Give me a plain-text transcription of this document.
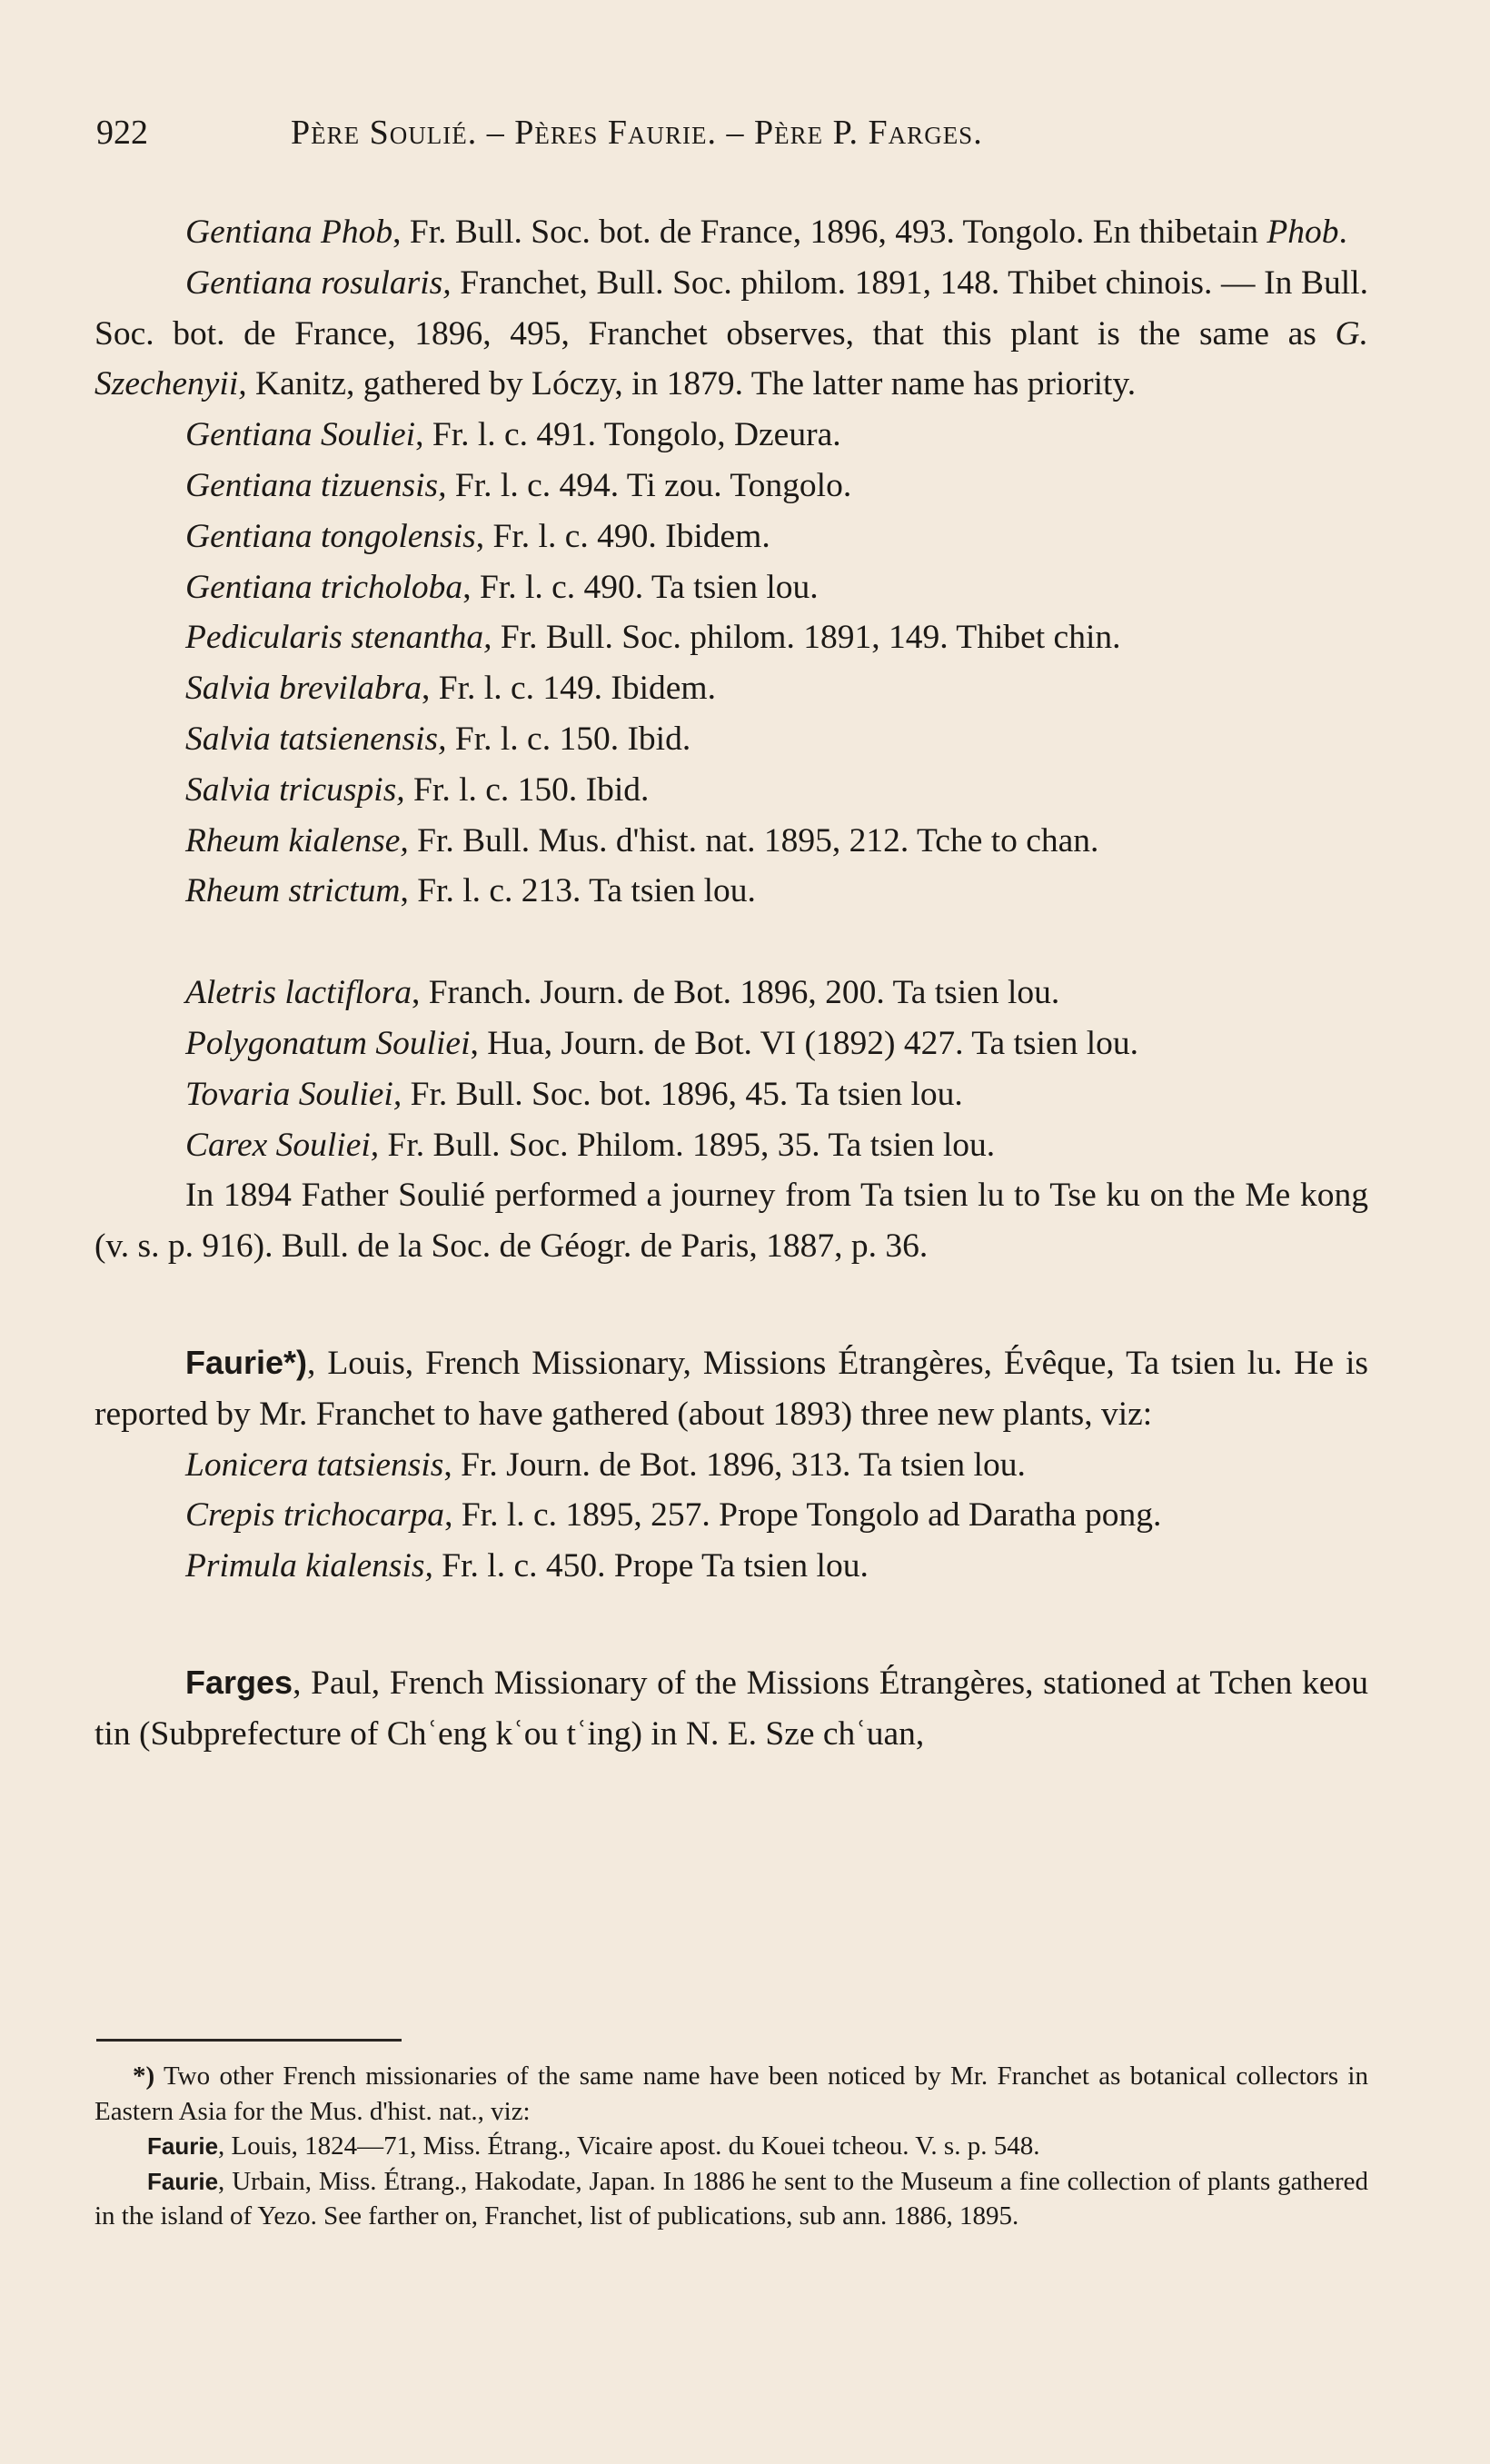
922	Père Soulié. – Pères Faurie. – Père P. Farges.

Gentiana Phob, Fr. Bull. Soc. bot. de France, 1896, 493. Tongolo. En thibetain Phob.

Gentiana rosularis, Franchet, Bull. Soc. philom. 1891, 148. Thibet chinois. — In Bull. Soc. bot. de France, 1896, 495, Franchet observes, that this plant is the same as G. Szechenyii, Kanitz, gathered by Lóczy, in 1879. The latter name has priority.

Gentiana Souliei, Fr. l. c. 491. Tongolo, Dzeura.

Gentiana tizuensis, Fr. l. c. 494. Ti zou. Tongolo.

Gentiana tongolensis, Fr. l. c. 490. Ibidem.

Gentiana tricholoba, Fr. l. c. 490. Ta tsien lou.

Pedicularis stenantha, Fr. Bull. Soc. philom. 1891, 149. Thibet chin.

Salvia brevilabra, Fr. l. c. 149. Ibidem.

Salvia tatsienensis, Fr. l. c. 150. Ibid.

Salvia tricuspis, Fr. l. c. 150. Ibid.

Rheum kialense, Fr. Bull. Mus. d'hist. nat. 1895, 212. Tche to chan.

Rheum strictum, Fr. l. c. 213. Ta tsien lou.

Aletris lactiflora, Franch. Journ. de Bot. 1896, 200. Ta tsien lou.

Polygonatum Souliei, Hua, Journ. de Bot. VI (1892) 427. Ta tsien lou.

Tovaria Souliei, Fr. Bull. Soc. bot. 1896, 45. Ta tsien lou.

Carex Souliei, Fr. Bull. Soc. Philom. 1895, 35. Ta tsien lou.

In 1894 Father Soulié performed a journey from Ta tsien lu to Tse ku on the Me kong (v. s. p. 916). Bull. de la Soc. de Géogr. de Paris, 1887, p. 36.

Faurie*), Louis, French Missionary, Missions Étrangères, Évêque, Ta tsien lu. He is reported by Mr. Franchet to have gathered (about 1893) three new plants, viz:

Lonicera tatsiensis, Fr. Journ. de Bot. 1896, 313. Ta tsien lou.

Crepis trichocarpa, Fr. l. c. 1895, 257. Prope Tongolo ad Daratha pong.

Primula kialensis, Fr. l. c. 450. Prope Ta tsien lou.

Farges, Paul, French Missionary of the Missions Étrangères, stationed at Tchen keou tin (Subprefecture of Chʿeng kʿou tʿing) in N. E. Sze chʿuan,

*) Two other French missionaries of the same name have been noticed by Mr. Franchet as botanical collectors in Eastern Asia for the Mus. d'hist. nat., viz:

Faurie, Louis, 1824—71, Miss. Étrang., Vicaire apost. du Kouei tcheou. V. s. p. 548.

Faurie, Urbain, Miss. Étrang., Hakodate, Japan. In 1886 he sent to the Museum a fine collection of plants gathered in the island of Yezo. See farther on, Franchet, list of publications, sub ann. 1886, 1895.
